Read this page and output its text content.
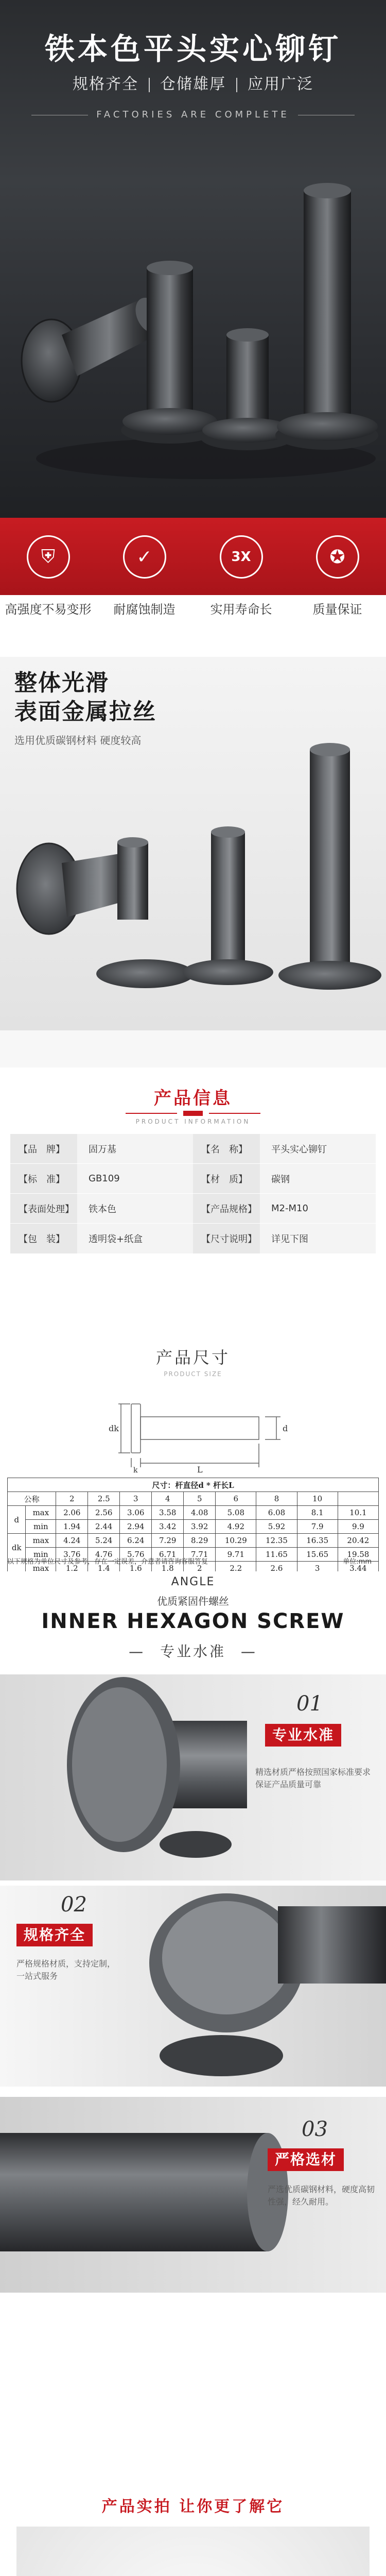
铁本色平头实心铆钉
规格齐全 仓储雄厚 应用广泛
FACTORIES ARE COMPLETE
⛨
高强度不易变形
✓
耐腐蚀制造
3X
实用寿命长
✪
质量保证
整体光滑
表面金属拉丝
选用优质碳钢材料 硬度较高
产品信息
PRODUCT INFORMATION
【品　牌】	固万基	【名　称】	平头实心铆钉
【标　准】	GB109	【材　质】	碳钢
【表面处理】	铁本色	【产品规格】	M2-M10
【包　装】	透明袋+纸盒	【尺寸说明】	详见下图
产品尺寸
PRODUCT SIZE
dk	d
k	L
尺寸：杆直径d * 杆长L										
公称		2	2.5	3	4	5	6	8	10	
d	max	2.06	2.56	3.06	3.58	4.08	5.08	6.08	8.1	10.1
	min	1.94	2.44	2.94	3.42	3.92	4.92	5.92	7.9	9.9
dk	max	4.24	5.24	6.24	7.29	8.29	10.29	12.35	16.35	20.42
	min	3.76	4.76	5.76	6.71	7.71	9.71	11.65	15.65	19.58
	max	1.2	1.4	1.6	1.8	2	2.2	2.6	3	3.44

以下规格为单位尺寸及参考，存在一定误差，介意者请咨询客服答复	单位:mm
ANGLE
优质紧固件螺丝
INNER HEXAGON SCREW
— 专业水准 —
01
专业水准
精选材质严格按照国家标准要求保证产品质量可靠
02
规格齐全
严格规格材质，支持定制，一站式服务
03
严格选材
严选优质碳钢材料，硬度高韧性强，经久耐用。
产品实拍 让你更了解它
